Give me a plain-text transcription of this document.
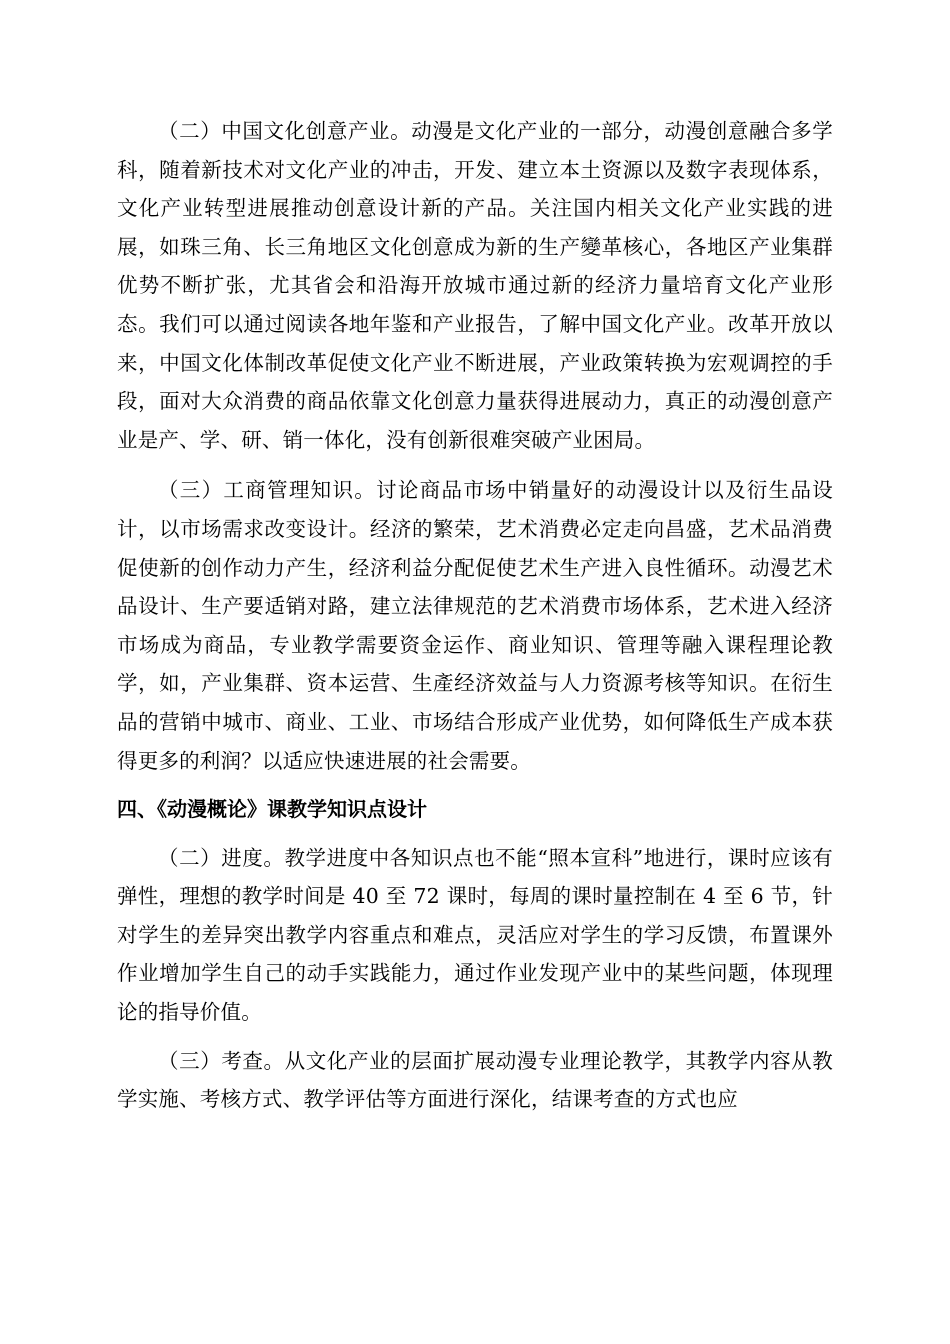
（二）中国文化创意产业。动漫是文化产业的一部分，动漫创意融合多学科，随着新技术对文化产业的冲击，开发、建立本土资源以及数字表现体系，文化产业转型进展推动创意设计新的产品。关注国内相关文化产业实践的进展，如珠三角、长三角地区文化创意成为新的生产變革核心，各地区产业集群优势不断扩张，尤其省会和沿海开放城市通过新的经济力量培育文化产业形态。我们可以通过阅读各地年鉴和产业报告，了解中国文化产业。改革开放以来，中国文化体制改革促使文化产业不断进展，产业政策转换为宏观调控的手段，面对大众消费的商品依靠文化创意力量获得进展动力，真正的动漫创意产业是产、学、研、销一体化，没有创新很难突破产业困局。

（三）工商管理知识。讨论商品市场中销量好的动漫设计以及衍生品设计，以市场需求改变设计。经济的繁荣，艺术消费必定走向昌盛，艺术品消费促使新的创作动力产生，经济利益分配促使艺术生产进入良性循环。动漫艺术品设计、生产要适销对路，建立法律规范的艺术消费市场体系，艺术进入经济市场成为商品，专业教学需要资金运作、商业知识、管理等融入课程理论教学，如，产业集群、资本运营、生產经济效益与人力资源考核等知识。在衍生品的营销中城市、商业、工业、市场结合形成产业优势，如何降低生产成本获得更多的利润？以适应快速进展的社会需要。

四、《动漫概论》课教学知识点设计

（二）进度。教学进度中各知识点也不能“照本宣科”地进行，课时应该有弹性，理想的教学时间是 40 至 72 课时，每周的课时量控制在 4 至 6 节，针对学生的差异突出教学内容重点和难点，灵活应对学生的学习反馈，布置课外作业增加学生自己的动手实践能力，通过作业发现产业中的某些问题，体现理论的指导价值。

（三）考查。从文化产业的层面扩展动漫专业理论教学，其教学内容从教学实施、考核方式、教学评估等方面进行深化，结课考查的方式也应
